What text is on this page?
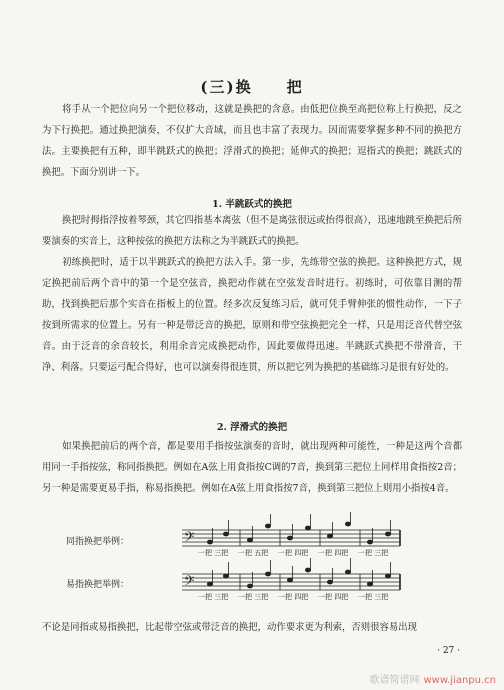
(三)换　　把

将手从一个把位向另一个把位移动，这就是换把的含意。由低把位换至高把位称上行换把，反之为下行换把。通过换把演奏，不仅扩大音域，而且也丰富了表现力。因而需要掌握多种不同的换把方法。主要换把有五种，即半跳跃式的换把；浮滑式的换把；延伸式的换把；逗指式的换把；跳跃式的换把。下面分别讲一下。

1. 半跳跃式的换把

换把时拇指浮按着琴颈，其它四指基本离弦（但不是离弦很远或抬得很高），迅速地跳至换把后所要演奏的实音上，这种按弦的换把方法称之为半跳跃式的换把。

初练换把时，适于以半跳跃式的换把方法入手。第一步，先练带空弦的换把。这种换把方式，规定换把前后两个音中的第一个是空弦音，换把动作就在空弦发音时进行。初练时，可依靠目测的帮助，找到换把后那个实音在指板上的位置。经多次反复练习后，就可凭手臂伸张的惯性动作，一下子按到所需求的位置上。另有一种是带泛音的换把，原则和带空弦换把完全一样，只是用泛音代替空弦音。由于泛音的余音较长，利用余音完成换把动作，因此要做得迅速。半跳跃式换把不带滑音，干净、利落。只要运弓配合得好，也可以演奏得很连贯，所以把它列为换把的基础练习是很有好处的。

2. 浮滑式的换把

如果换把前后的两个音，都是要用手指按弦演奏的音时，就出现两种可能性，一种是这两个音都用同一手指按弦，称同指换把。例如在A弦上用食指按C调的7音，换到第三把位上同样用食指按2音；另一种是需要更易手指，称易指换把。例如在A弦上用食指按7音，换到第三把位上则用小指按4音。

同指换把举例：	𝄢
一把 三把 一把 五把 一把 四把 一把 四把 一把 三把

易指换把举例：	𝄢
一把 三把 一把 三把 一把 四把 一把 四把 一把 三把

不论是同指或易指换把，比起带空弦或带泛音的换把，动作要求更为利索，否则很容易出现

· 27 ·
歌谱简谱网 www.jianpu.cn
